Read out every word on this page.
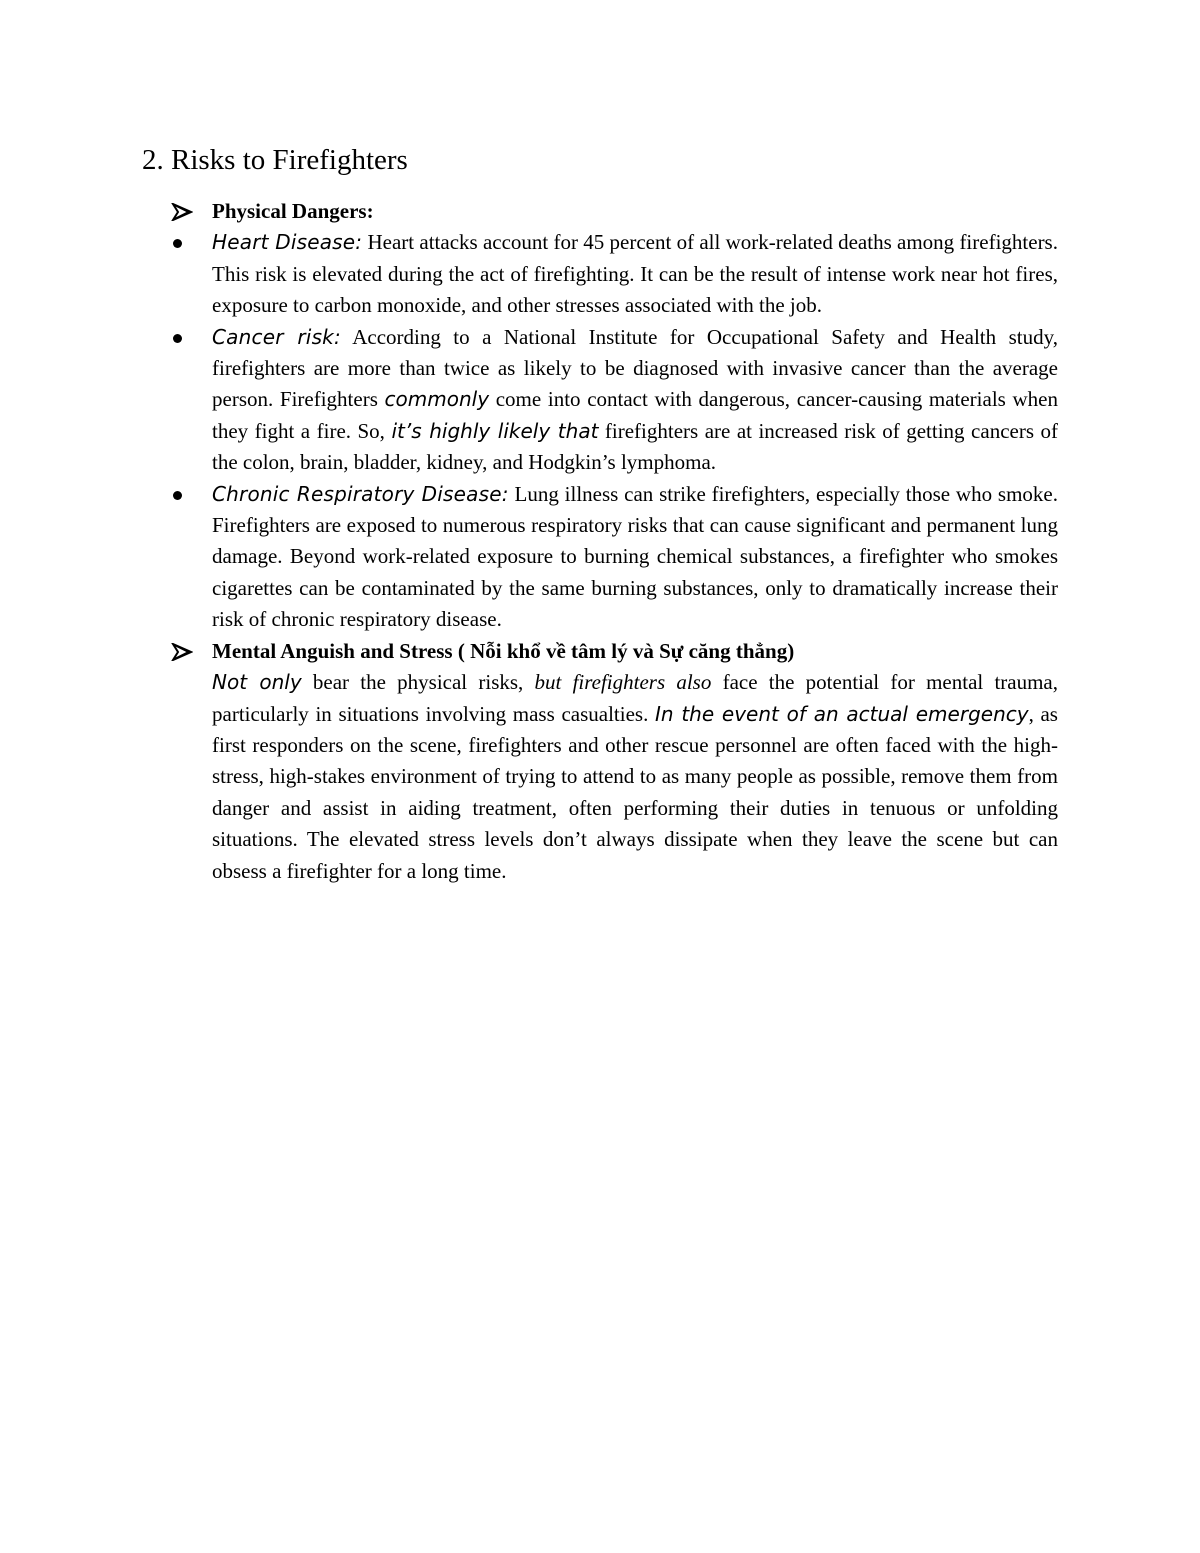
2. Risks to Firefighters
Physical Dangers:
Heart Disease: Heart attacks account for 45 percent of all work-related deaths among firefighters. This risk is elevated during the act of firefighting. It can be the result of intense work near hot fires, exposure to carbon monoxide, and other stresses associated with the job.
Cancer risk: According to a National Institute for Occupational Safety and Health study, firefighters are more than twice as likely to be diagnosed with invasive cancer than the average person. Firefighters commonly come into contact with dangerous, cancer-causing materials when they fight a fire. So, it’s highly likely that firefighters are at increased risk of getting cancers of the colon, brain, bladder, kidney, and Hodgkin’s lymphoma.
Chronic Respiratory Disease: Lung illness can strike firefighters, especially those who smoke. Firefighters are exposed to numerous respiratory risks that can cause significant and permanent lung damage. Beyond work-related exposure to burning chemical substances, a firefighter who smokes cigarettes can be contaminated by the same burning substances, only to dramatically increase their risk of chronic respiratory disease.
Mental Anguish and Stress ( Nỗi khổ về tâm lý và Sự căng thẳng)
Not only bear the physical risks, but firefighters also face the potential for mental trauma, particularly in situations involving mass casualties. In the event of an actual emergency, as first responders on the scene, firefighters and other rescue personnel are often faced with the high-stress, high-stakes environment of trying to attend to as many people as possible, remove them from danger and assist in aiding treatment, often performing their duties in tenuous or unfolding situations. The elevated stress levels don’t always dissipate when they leave the scene but can obsess a firefighter for a long time.
